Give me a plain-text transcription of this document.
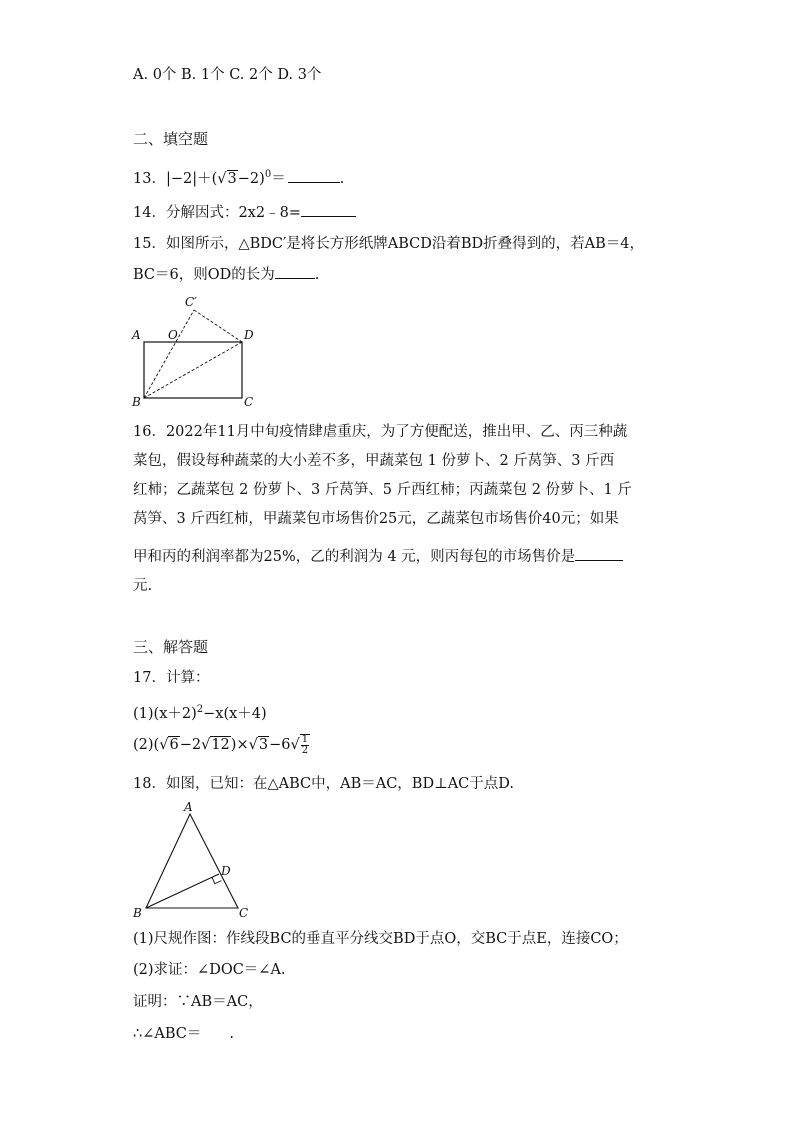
A. 0个 B. 1个 C. 2个 D. 3个
二、填空题
13．$|-2|+(√3-2)^0=$	.
14．分解因式：2x2﹣8=
15．如图所示，△BDC′是将长方形纸牌ABCD沿着BD折叠得到的，若AB＝4，
BC＝6，则OD的长为	.
A O
C′
D
B	C
16．2022年11月中旬疫情肆虐重庆，为了方便配送，推出甲、乙、丙三种蔬
菜包，假设每种蔬菜的大小差不多，甲蔬菜包 1 份萝卜、2 斤莴笋、3 斤西
红柿；乙蔬菜包 2 份萝卜、3 斤莴笋、5 斤西红柿；丙蔬菜包 2 份萝卜、1 斤
莴笋、3 斤西红柿，甲蔬菜包市场售价25元，乙蔬菜包市场售价40元；如果
甲和丙的利润率都为25%，乙的利润为 4 元，则丙每包的市场售价是
元.
三、解答题
17．计算：
$(1)(x+2)^2-x(x+4)$
$(2)(√6-2√12)\times√3-6√ \frac{1}{2}$
18．如图，已知：在△ABC中，AB＝AC，BD⊥AC于点D.
A
B	C
D
(1)尺规作图：作线段BC的垂直平分线交BD于点O，交BC于点E，连接CO；
(2)求证：∠DOC＝∠A.
证明：∵AB＝AC，
∴∠ABC＝ .
